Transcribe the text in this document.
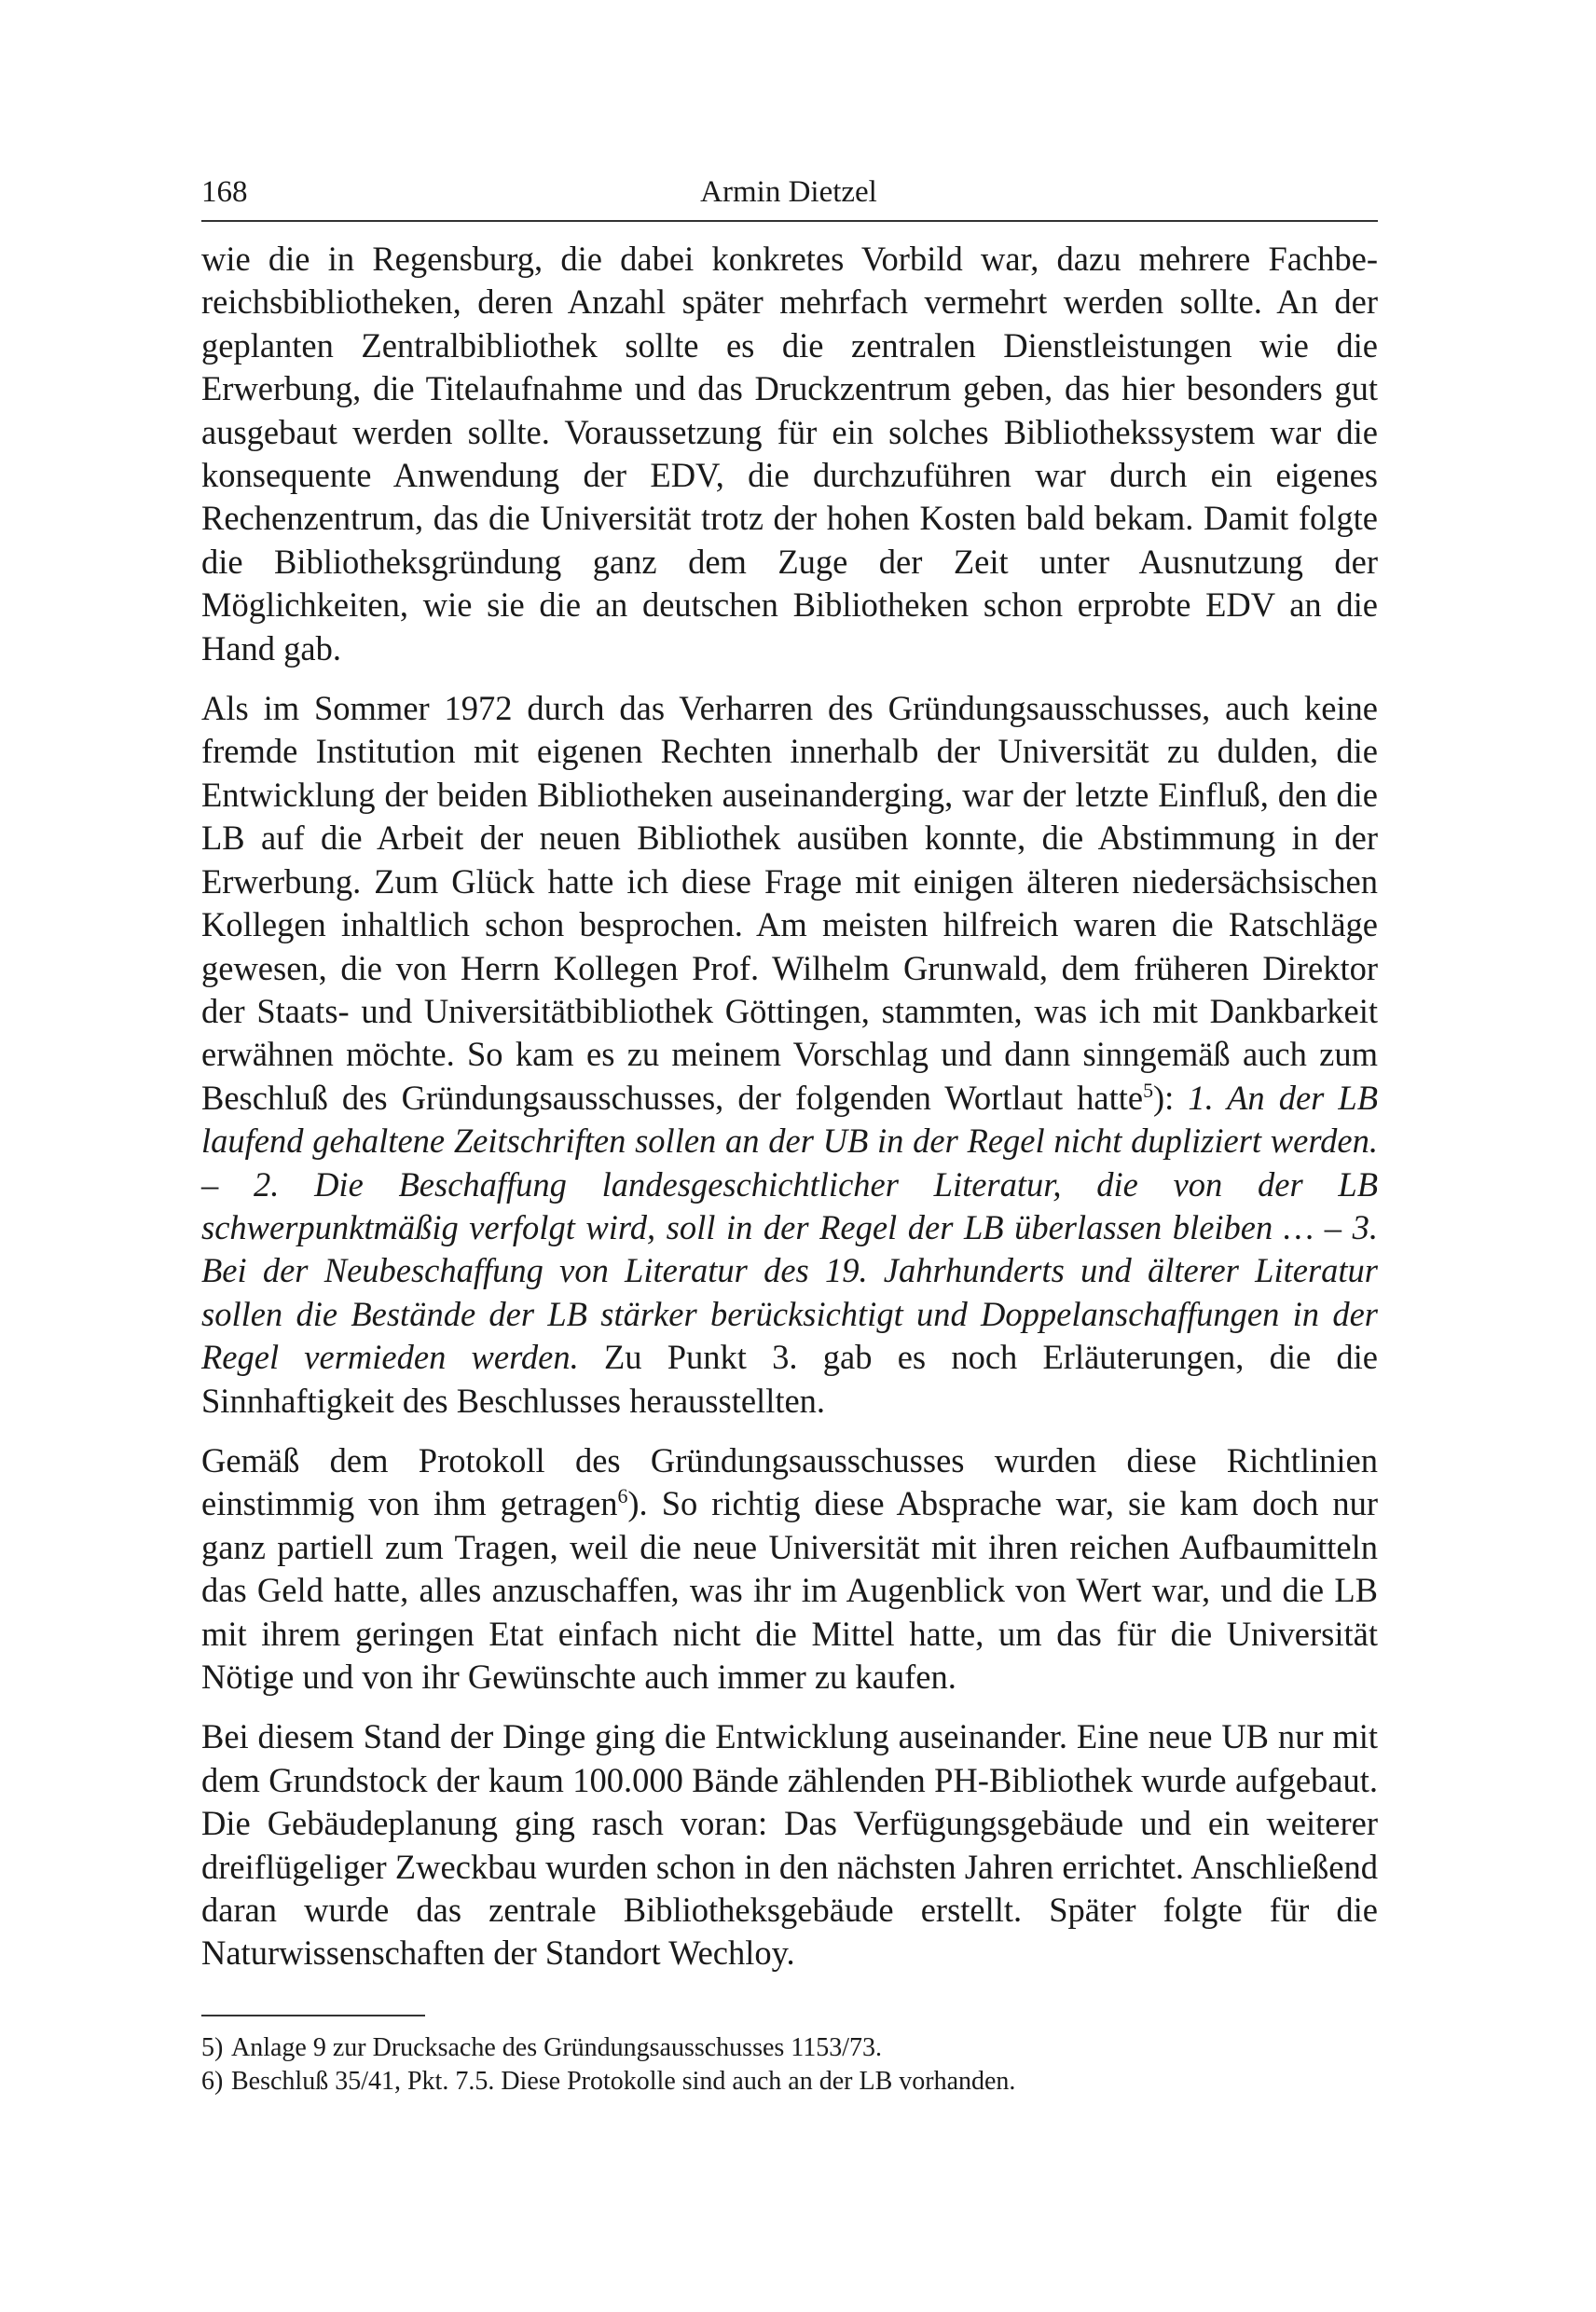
168	Armin Dietzel

wie die in Regensburg, die dabei konkretes Vorbild war, dazu mehrere Fachbereichsbibliotheken, deren Anzahl später mehrfach vermehrt werden sollte. An der geplanten Zentralbibliothek sollte es die zentralen Dienstleistungen wie die Erwerbung, die Titelaufnahme und das Druckzentrum geben, das hier besonders gut ausgebaut werden sollte. Voraussetzung für ein solches Bibliothekssystem war die konsequente Anwendung der EDV, die durchzuführen war durch ein eigenes Rechenzentrum, das die Universität trotz der hohen Kosten bald bekam. Damit folgte die Bibliotheksgründung ganz dem Zuge der Zeit unter Ausnutzung der Möglichkeiten, wie sie die an deutschen Bibliotheken schon erprobte EDV an die Hand gab.

Als im Sommer 1972 durch das Verharren des Gründungsausschusses, auch keine fremde Institution mit eigenen Rechten innerhalb der Universität zu dulden, die Entwicklung der beiden Bibliotheken auseinanderging, war der letzte Einfluß, den die LB auf die Arbeit der neuen Bibliothek ausüben konnte, die Abstimmung in der Erwerbung. Zum Glück hatte ich diese Frage mit einigen älteren niedersächsischen Kollegen inhaltlich schon besprochen. Am meisten hilfreich waren die Ratschläge gewesen, die von Herrn Kollegen Prof. Wilhelm Grunwald, dem früheren Direktor der Staats- und Universitätbibliothek Göttingen, stammten, was ich mit Dankbarkeit erwähnen möchte. So kam es zu meinem Vorschlag und dann sinngemäß auch zum Beschluß des Gründungsausschusses, der folgenden Wortlaut hatte$^5$): 1. An der LB laufend gehaltene Zeitschriften sollen an der UB in der Regel nicht dupliziert werden. – 2. Die Beschaffung landesgeschichtlicher Literatur, die von der LB schwerpunktmäßig verfolgt wird, soll in der Regel der LB überlassen bleiben … – 3. Bei der Neubeschaffung von Literatur des 19. Jahrhunderts und älterer Literatur sollen die Bestände der LB stärker berücksichtigt und Doppelanschaffungen in der Regel vermieden werden. Zu Punkt 3. gab es noch Erläuterungen, die die Sinnhaftigkeit des Beschlusses herausstellten.

Gemäß dem Protokoll des Gründungsausschusses wurden diese Richtlinien einstimmig von ihm getragen$^6$). So richtig diese Absprache war, sie kam doch nur ganz partiell zum Tragen, weil die neue Universität mit ihren reichen Aufbaumitteln das Geld hatte, alles anzuschaffen, was ihr im Augenblick von Wert war, und die LB mit ihrem geringen Etat einfach nicht die Mittel hatte, um das für die Universität Nötige und von ihr Gewünschte auch immer zu kaufen.

Bei diesem Stand der Dinge ging die Entwicklung auseinander. Eine neue UB nur mit dem Grundstock der kaum 100.000 Bände zählenden PH-Bibliothek wurde aufgebaut. Die Gebäudeplanung ging rasch voran: Das Verfügungsgebäude und ein weiterer dreiflügeliger Zweckbau wurden schon in den nächsten Jahren errichtet. Anschließend daran wurde das zentrale Bibliotheksgebäude erstellt. Später folgte für die Naturwissenschaften der Standort Wechloy.

5) Anlage 9 zur Drucksache des Gründungsausschusses 1153/73.

6) Beschluß 35/41, Pkt. 7.5. Diese Protokolle sind auch an der LB vorhanden.
